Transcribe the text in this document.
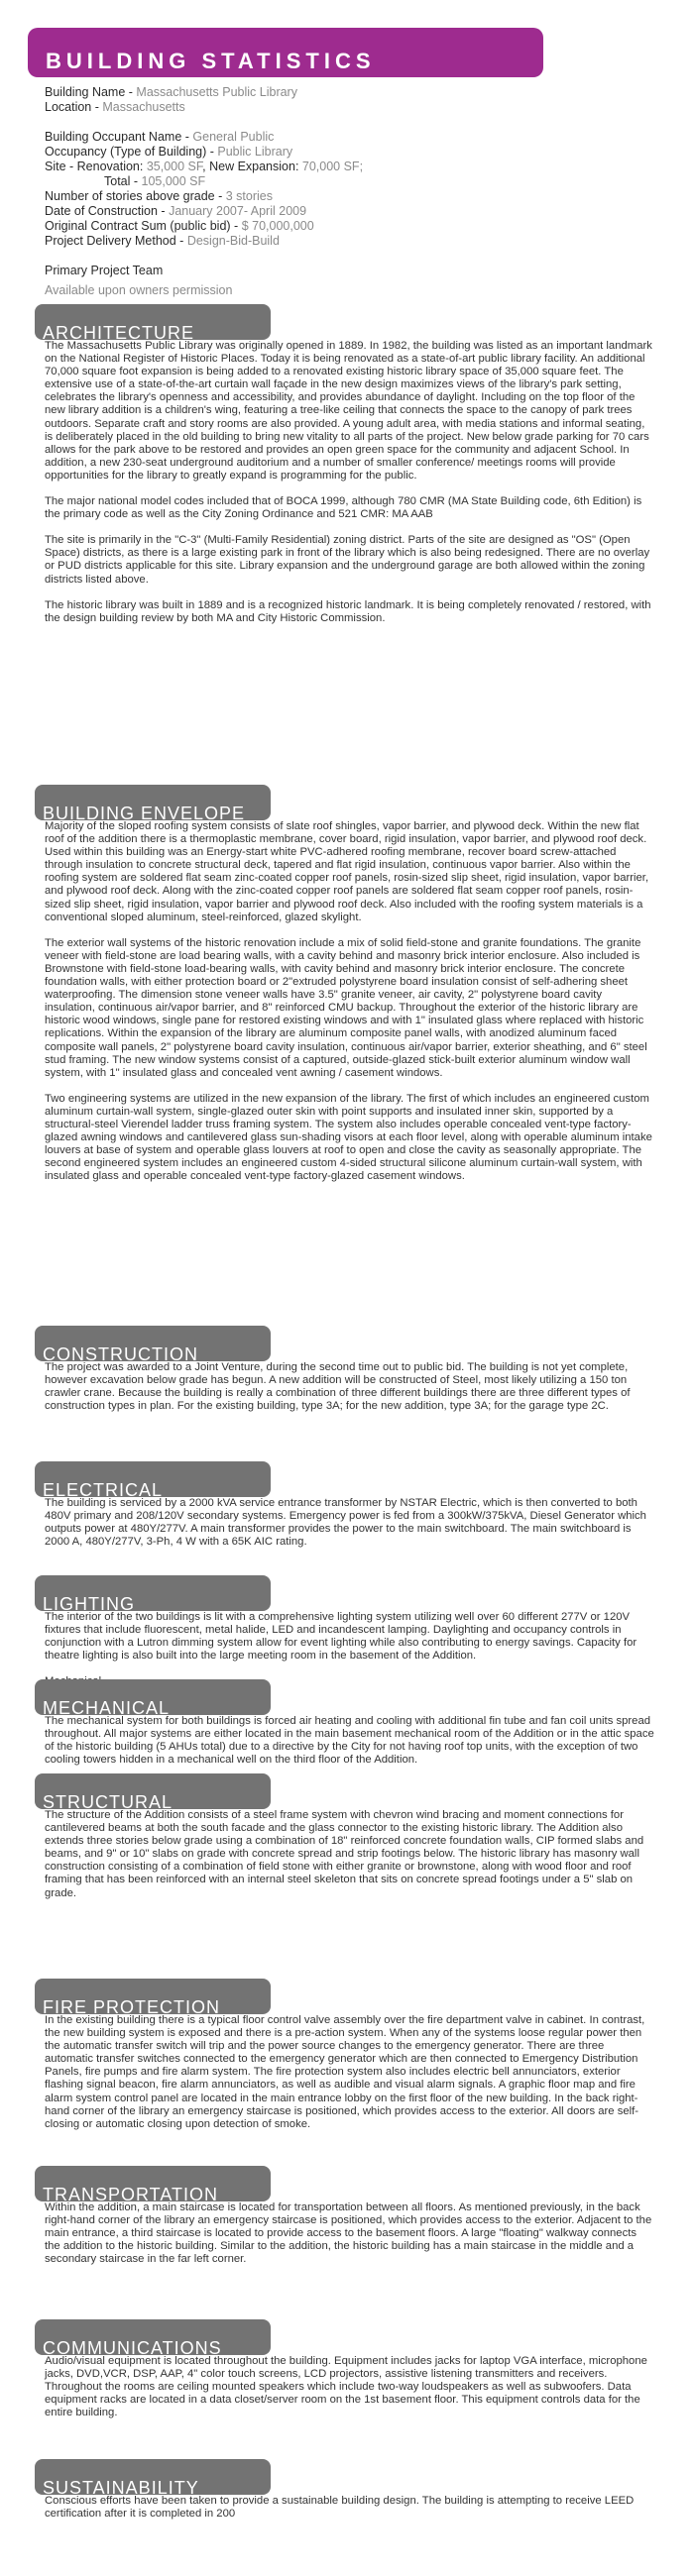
BUILDING STATISTICS
Building Name - Massachusetts Public Library
Location - Massachusetts
Building Occupant Name - General Public
Occupancy (Type of Building) - Public Library
Site - Renovation: 35,000 SF, New Expansion: 70,000 SF;
Total - 105,000 SF
Number of stories above grade - 3 stories
Date of Construction - January 2007- April 2009
Original Contract Sum (public bid) - $ 70,000,000
Project Delivery Method - Design-Bid-Build
Primary Project Team
Available upon owners permission
ARCHITECTURE

The Massachusetts Public Library was originally opened in 1889. In 1982, the building was listed as an important landmark on the National Register of Historic Places. Today it is being renovated as a state-of-art public library facility. An additional 70,000 square foot expansion is being added to a renovated existing historic library space of 35,000 square feet. The extensive use of a state-of-the-art curtain wall façade in the new design maximizes views of the library's park setting, celebrates the library's openness and accessibility, and provides abundance of daylight. Including on the top floor of the new library addition is a children's wing, featuring a tree-like ceiling that connects the space to the canopy of park trees outdoors. Separate craft and story rooms are also provided. A young adult area, with media stations and informal seating, is deliberately placed in the old building to bring new vitality to all parts of the project. New below grade parking for 70 cars allows for the park above to be restored and provides an open green space for the community and adjacent School. In addition, a new 230-seat underground auditorium and a number of smaller conference/ meetings rooms will provide opportunities for the library to greatly expand is programming for the public.

The major national model codes included that of BOCA 1999, although 780 CMR (MA State Building code, 6th Edition) is the primary code as well as the City Zoning Ordinance and 521 CMR: MA AAB

The site is primarily in the "C-3" (Multi-Family Residential) zoning district. Parts of the site are designed as "OS" (Open Space) districts, as there is a large existing park in front of the library which is also being redesigned. There are no overlay or PUD districts applicable for this site. Library expansion and the underground garage are both allowed within the zoning districts listed above.

The historic library was built in 1889 and is a recognized historic landmark. It is being completely renovated / restored, with the design building review by both MA and City Historic Commission.

BUILDING ENVELOPE

Majority of the sloped roofing system consists of slate roof shingles, vapor barrier, and plywood deck. Within the new flat roof of the addition there is a thermoplastic membrane, cover board, rigid insulation, vapor barrier, and plywood roof deck. Used within this building was an Energy-start white PVC-adhered roofing membrane, recover board screw-attached through insulation to concrete structural deck, tapered and flat rigid insulation, continuous vapor barrier. Also within the roofing system are soldered flat seam zinc-coated copper roof panels, rosin-sized slip sheet, rigid insulation, vapor barrier, and plywood roof deck. Along with the zinc-coated copper roof panels are soldered flat seam copper roof panels, rosin-sized slip sheet, rigid insulation, vapor barrier and plywood roof deck. Also included with the roofing system materials is a conventional sloped aluminum, steel-reinforced, glazed skylight.

The exterior wall systems of the historic renovation include a mix of solid field-stone and granite foundations. The granite veneer with field-stone are load bearing walls, with a cavity behind and masonry brick interior enclosure. Also included is Brownstone with field-stone load-bearing walls, with cavity behind and masonry brick interior enclosure. The concrete foundation walls, with either protection board or 2"extruded polystyrene board insulation consist of self-adhering sheet waterproofing. The dimension stone veneer walls have 3.5" granite veneer, air cavity, 2" polystyrene board cavity insulation, continuous air/vapor barrier, and 8" reinforced CMU backup. Throughout the exterior of the historic library are historic wood windows, single pane for restored existing windows and with 1" insulated glass where replaced with historic replications. Within the expansion of the library are aluminum composite panel walls, with anodized aluminum faced composite wall panels, 2" polystyrene board cavity insulation, continuous air/vapor barrier, exterior sheathing, and 6" steel stud framing. The new window systems consist of a captured, outside-glazed stick-built exterior aluminum window wall system, with 1" insulated glass and concealed vent awning / casement windows.

Two engineering systems are utilized in the new expansion of the library. The first of which includes an engineered custom aluminum curtain-wall system, single-glazed outer skin with point supports and insulated inner skin, supported by a structural-steel Vierendel ladder truss framing system. The system also includes operable concealed vent-type factory-glazed awning windows and cantilevered glass sun-shading visors at each floor level, along with operable aluminum intake louvers at base of system and operable glass louvers at roof to open and close the cavity as seasonally appropriate. The second engineered system includes an engineered custom 4-sided structural silicone aluminum curtain-wall system, with insulated glass and operable concealed vent-type factory-glazed casement windows.

CONSTRUCTION

The project was awarded to a Joint Venture, during the second time out to public bid. The building is not yet complete, however excavation below grade has begun. A new addition will be constructed of Steel, most likely utilizing a 150 ton crawler crane. Because the building is really a combination of three different buildings there are three different types of construction types in plan. For the existing building, type 3A; for the new addition, type 3A; for the garage type 2C.

ELECTRICAL

The building is serviced by a 2000 kVA service entrance transformer by NSTAR Electric, which is then converted to both 480V primary and 208/120V secondary systems. Emergency power is fed from a 300kW/375kVA, Diesel Generator which outputs power at 480Y/277V. A main transformer provides the power to the main switchboard. The main switchboard is 2000 A, 480Y/277V, 3-Ph, 4 W with a 65K AIC rating.

LIGHTING

The interior of the two buildings is lit with a comprehensive lighting system utilizing well over 60 different 277V or 120V fixtures that include fluorescent, metal halide, LED and incandescent lamping. Daylighting and occupancy controls in conjunction with a Lutron dimming system allow for event lighting while also contributing to energy savings. Capacity for theatre lighting is also built into the large meeting room in the basement of the Addition.

MECHANICAL

The mechanical system for both buildings is forced air heating and cooling with additional fin tube and fan coil units spread throughout. All major systems are either located in the main basement mechanical room of the Addition or in the attic space of the historic building (5 AHUs total) due to a directive by the City for not having roof top units, with the exception of two cooling towers hidden in a mechanical well on the third floor of the Addition.

STRUCTURAL

The structure of the Addition consists of a steel frame system with chevron wind bracing and moment connections for cantilevered beams at both the south facade and the glass connector to the existing historic library. The Addition also extends three stories below grade using a combination of 18" reinforced concrete foundation walls, CIP formed slabs and beams, and 9" or 10" slabs on grade with concrete spread and strip footings below. The historic library has masonry wall construction consisting of a combination of field stone with either granite or brownstone, along with wood floor and roof framing that has been reinforced with an internal steel skeleton that sits on concrete spread footings under a 5" slab on grade.

FIRE PROTECTION

In the existing building there is a typical floor control valve assembly over the fire department valve in cabinet. In contrast, the new building system is exposed and there is a pre-action system. When any of the systems loose regular power then the automatic transfer switch will trip and the power source changes to the emergency generator. There are three automatic transfer switches connected to the emergency generator which are then connected to Emergency Distribution Panels, fire pumps and fire alarm system. The fire protection system also includes electric bell annunciators, exterior flashing signal beacon, fire alarm annunciators, as well as audible and visual alarm signals. A graphic floor map and fire alarm system control panel are located in the main entrance lobby on the first floor of the new building. In the back right-hand corner of the library an emergency staircase is positioned, which provides access to the exterior. All doors are self-closing or automatic closing upon detection of smoke.

TRANSPORTATION

Within the addition, a main staircase is located for transportation between all floors. As mentioned previously, in the back right-hand corner of the library an emergency staircase is positioned, which provides access to the exterior. Adjacent to the main entrance, a third staircase is located to provide access to the basement floors. A large "floating" walkway connects the addition to the historic building. Similar to the addition, the historic building has a main staircase in the middle and a secondary staircase in the far left corner.

COMMUNICATIONS

Audio/visual equipment is located throughout the building. Equipment includes jacks for laptop VGA interface, microphone jacks, DVD,VCR, DSP, AAP, 4" color touch screens, LCD projectors, assistive listening transmitters and receivers. Throughout the rooms are ceiling mounted speakers which include two-way loudspeakers as well as subwoofers. Data equipment racks are located in a data closet/server room on the 1st basement floor. This equipment controls data for the entire building.

SUSTAINABILITY

Conscious efforts have been taken to provide a sustainable building design. The building is attempting to receive LEED certification after it is completed in 200
